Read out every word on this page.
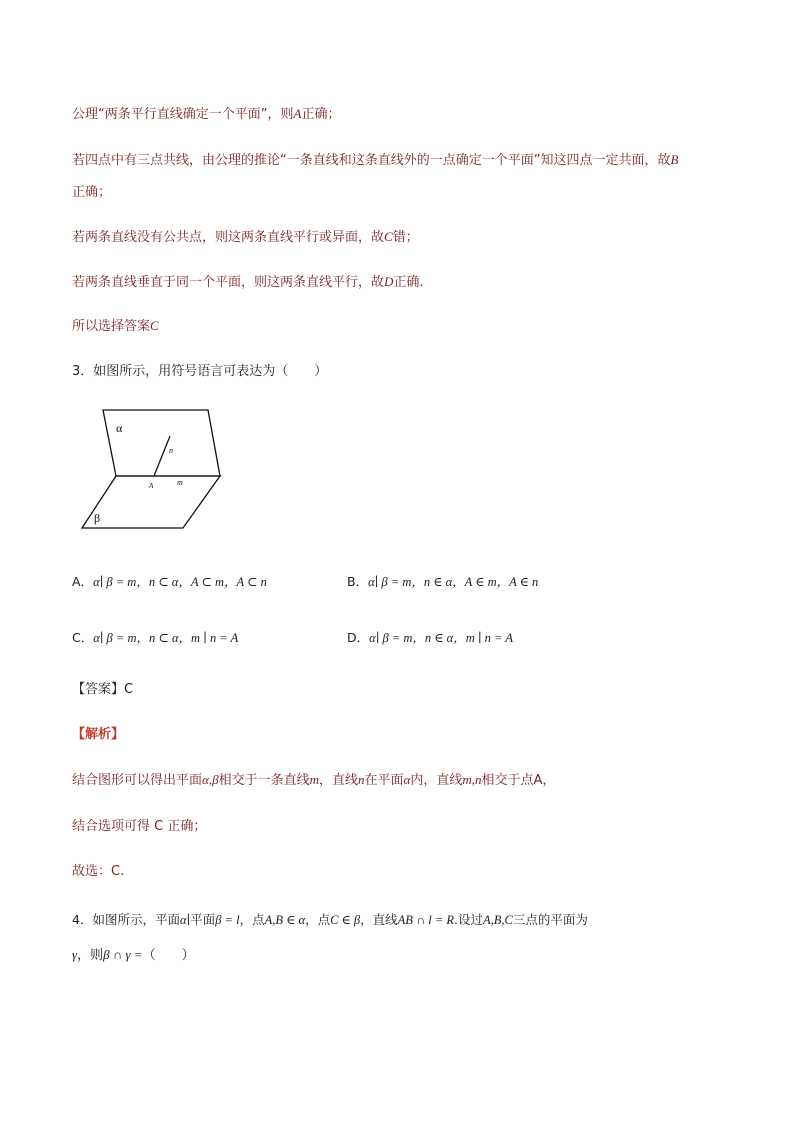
公理“两条平行直线确定一个平面”，则A正确；
若四点中有三点共线，由公理的推论“一条直线和这条直线外的一点确定一个平面”知这四点一定共面，故B
正确；
若两条直线没有公共点，则这两条直线平行或异面，故C错；
若两条直线垂直于同一个平面，则这两条直线平行，故D正确.
所以选择答案C
3．如图所示，用符号语言可表达为（　　）
α
n
A	m
β
A．α∣ β = m，n ⊂ α，A ⊂ m，A ⊂ n	B．α∣ β = m，n ∈ α，A ∈ m，A ∈ n
C．α∣ β = m，n ⊂ α，m ∣ n = A	D．α∣ β = m，n ∈ α，m ∣ n = A
【答案】C
【解析】
结合图形可以得出平面α,β相交于一条直线m，直线n在平面α内，直线m,n相交于点A，
结合选项可得 C 正确；
故选：C.
4．如图所示，平面α∣平面β = l，点A,B ∈ α，点C ∈ β，直线AB ∩ l = R.设过A,B,C三点的平面为
γ，则β ∩ γ =（　　）
